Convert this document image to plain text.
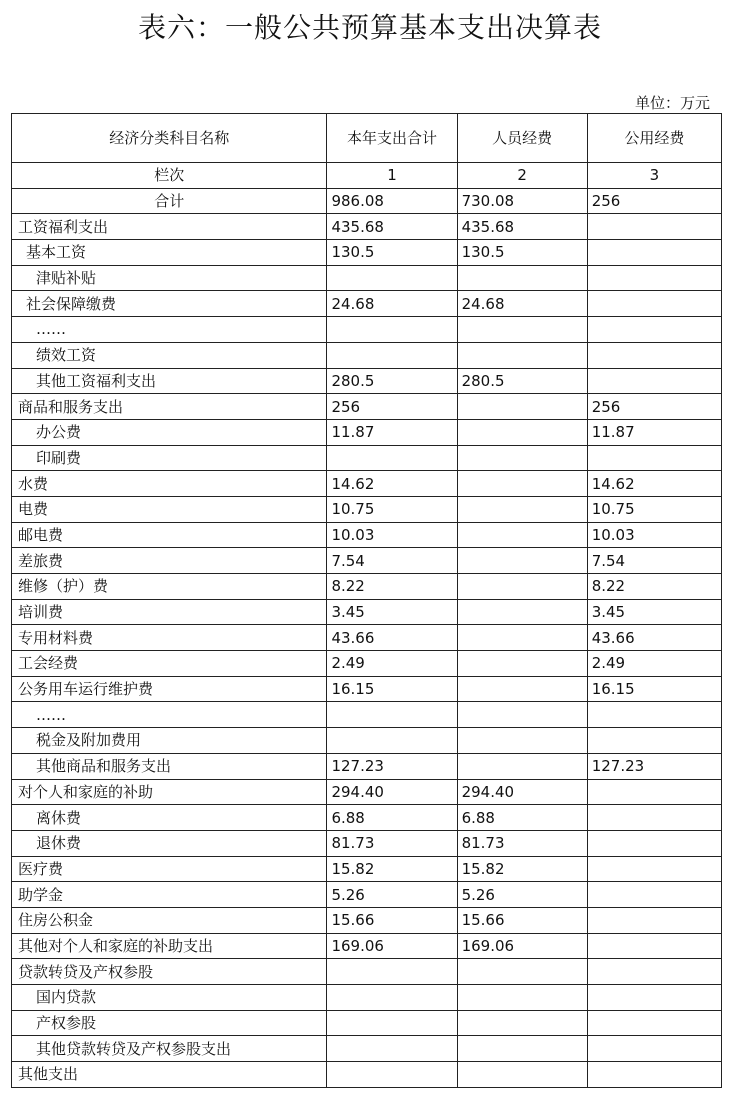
表六：一般公共预算基本支出决算表
单位：万元
经济分类科目名称	本年支出合计	人员经费	公用经费
栏次	1	2	3
合计	986.08	730.08	256
工资福利支出	435.68	435.68	
基本工资	130.5	130.5	
津贴补贴			
社会保障缴费	24.68	24.68	
……			
绩效工资			
其他工资福利支出	280.5	280.5	
商品和服务支出	256		256
办公费	11.87		11.87
印刷费			
水费	14.62		14.62
电费	10.75		10.75
邮电费	10.03		10.03
差旅费	7.54		7.54
维修（护）费	8.22		8.22
培训费	3.45		3.45
专用材料费	43.66		43.66
工会经费	2.49		2.49
公务用车运行维护费	16.15		16.15
……			
税金及附加费用			
其他商品和服务支出	127.23		127.23
对个人和家庭的补助	294.40	294.40	
离休费	6.88	6.88	
退休费	81.73	81.73	
医疗费	15.82	15.82	
助学金	5.26	5.26	
住房公积金	15.66	15.66	
其他对个人和家庭的补助支出	169.06	169.06	
贷款转贷及产权参股			
国内贷款			
产权参股			
其他贷款转贷及产权参股支出			
其他支出			
